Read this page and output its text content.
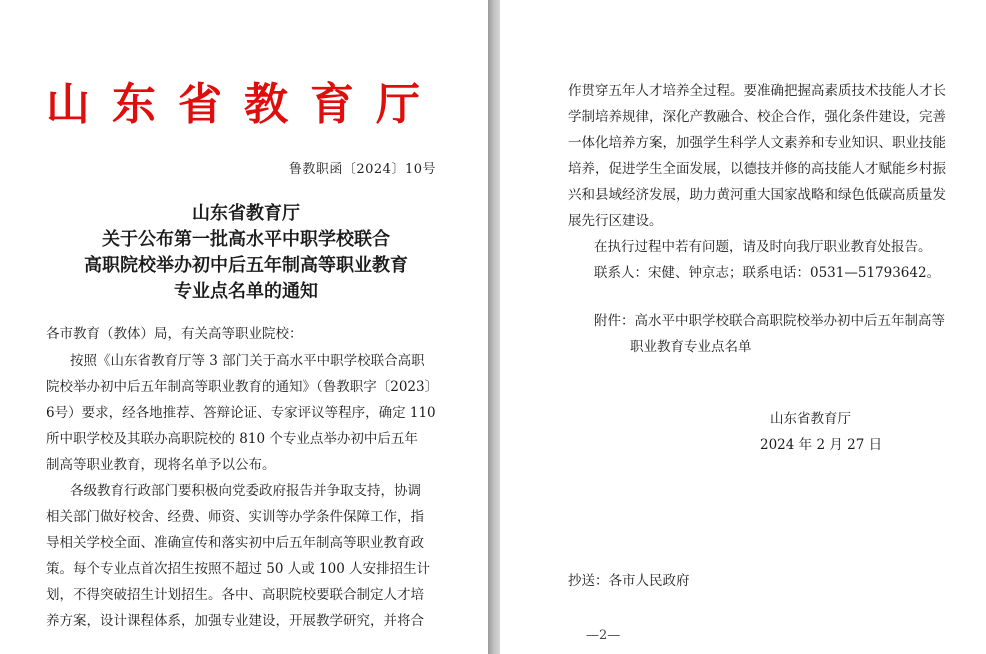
山东省教育厅
鲁教职函〔2024〕10号
山东省教育厅
关于公布第一批高水平中职学校联合
高职院校举办初中后五年制高等职业教育
专业点名单的通知
各市教育（教体）局，有关高等职业院校：
按照《山东省教育厅等 3 部门关于高水平中职学校联合高职
院校举办初中后五年制高等职业教育的通知》（鲁教职字〔2023〕
6号）要求，经各地推荐、答辩论证、专家评议等程序，确定 110
所中职学校及其联办高职院校的 810 个专业点举办初中后五年
制高等职业教育，现将名单予以公布。
各级教育行政部门要积极向党委政府报告并争取支持，协调
相关部门做好校舍、经费、师资、实训等办学条件保障工作，指
导相关学校全面、准确宣传和落实初中后五年制高等职业教育政
策。每个专业点首次招生按照不超过 50 人或 100 人安排招生计
划，不得突破招生计划招生。各中、高职院校要联合制定人才培
养方案，设计课程体系，加强专业建设，开展教学研究，并将合
作贯穿五年人才培养全过程。要准确把握高素质技术技能人才长
学制培养规律，深化产教融合、校企合作，强化条件建设，完善
一体化培养方案，加强学生科学人文素养和专业知识、职业技能
培养，促进学生全面发展，以德技并修的高技能人才赋能乡村振
兴和县域经济发展，助力黄河重大国家战略和绿色低碳高质量发
展先行区建设。
在执行过程中若有问题，请及时向我厅职业教育处报告。
联系人：宋健、钟京志；联系电话：0531—51793642。
附件：高水平中职学校联合高职院校举办初中后五年制高等
职业教育专业点名单
山东省教育厅
2024 年 2 月 27 日
抄送：各市人民政府
—2—
